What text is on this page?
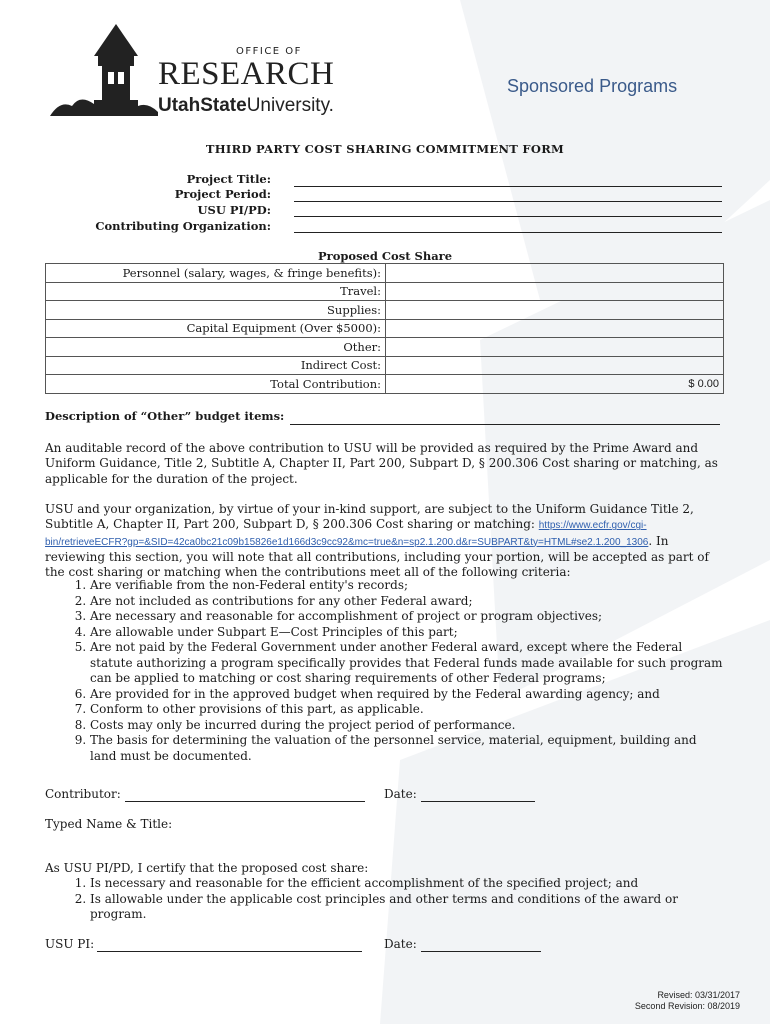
OFFICE OF
RESEARCH
UtahStateUniversity.
Sponsored Programs
THIRD PARTY COST SHARING COMMITMENT FORM
Project Title:
Project Period:
USU PI/PD:
Contributing Organization:
Proposed Cost Share
Personnel (salary, wages, & fringe benefits):	
Travel:	
Supplies:	
Capital Equipment (Over $5000):	
Other:	
Indirect Cost:	
Total Contribution:	$ 0.00
Description of “Other” budget items:
An auditable record of the above contribution to USU will be provided as required by the Prime Award and Uniform Guidance, Title 2, Subtitle A, Chapter II, Part 200, Subpart D, § 200.306 Cost sharing or matching, as applicable for the duration of the project.
USU and your organization, by virtue of your in-kind support, are subject to the Uniform Guidance Title 2, Subtitle A, Chapter II, Part 200, Subpart D, § 200.306 Cost sharing or matching: https://www.ecfr.gov/cgi-bin/retrieveECFR?gp=&SID=42ca0bc21c09b15826e1d166d3c9cc92&mc=true&n=sp2.1.200.d&r=SUBPART&ty=HTML#se2.1.200_1306. In reviewing this section, you will note that all contributions, including your portion, will be accepted as part of the cost sharing or matching when the contributions meet all of the following criteria:
1. Are verifiable from the non-Federal entity's records;
2. Are not included as contributions for any other Federal award;
3. Are necessary and reasonable for accomplishment of project or program objectives;
4. Are allowable under Subpart E—Cost Principles of this part;
5. Are not paid by the Federal Government under another Federal award, except where the Federal statute authorizing a program specifically provides that Federal funds made available for such program can be applied to matching or cost sharing requirements of other Federal programs;
6. Are provided for in the approved budget when required by the Federal awarding agency; and
7. Conform to other provisions of this part, as applicable.
8. Costs may only be incurred during the project period of performance.
9. The basis for determining the valuation of the personnel service, material, equipment, building and land must be documented.
Contributor:	Date:
Typed Name & Title:
As USU PI/PD, I certify that the proposed cost share:
1. Is necessary and reasonable for the efficient accomplishment of the specified project; and
2. Is allowable under the applicable cost principles and other terms and conditions of the award or program.
USU PI:	Date:
Revised: 03/31/2017
Second Revision: 08/2019
